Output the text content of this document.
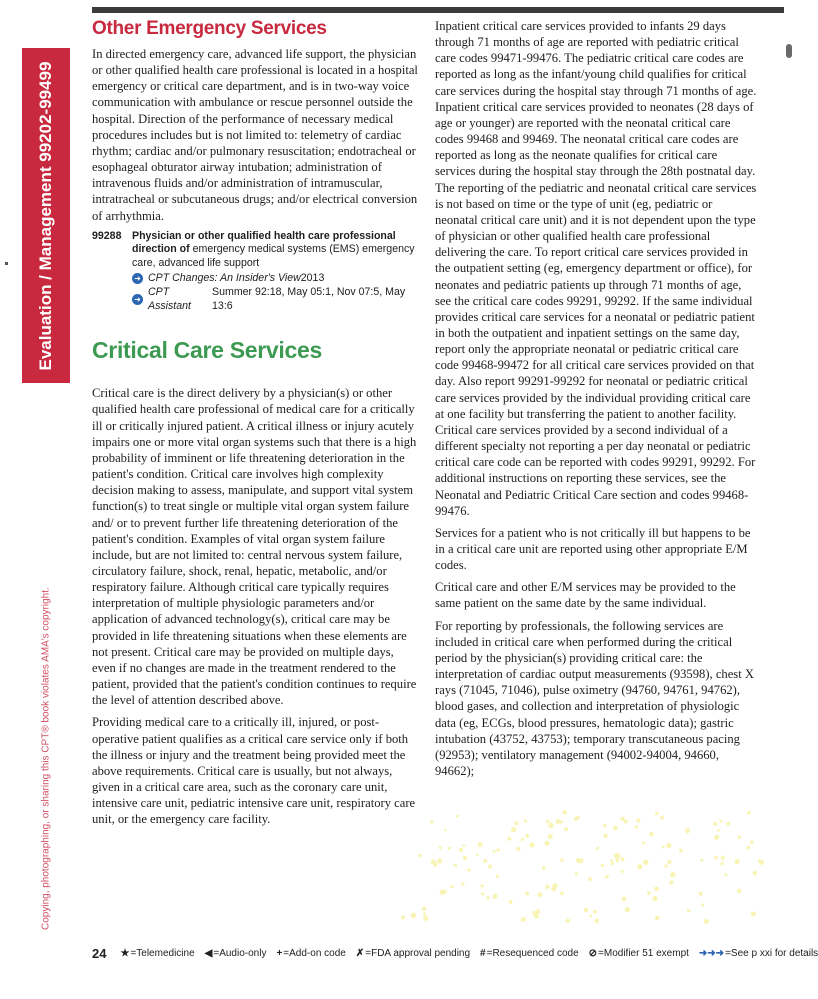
Evaluation / Management 99202-99499
Copying, photographing, or sharing this CPT® book violates AMA's copyright.
Other Emergency Services

In directed emergency care, advanced life support, the physician or other qualified health care professional is located in a hospital emergency or critical care department, and is in two-way voice communication with ambulance or rescue personnel outside the hospital. Direction of the performance of necessary medical procedures includes but is not limited to: telemetry of cardiac rhythm; cardiac and/or pulmonary resuscitation; endotracheal or esophageal obturator airway intubation; administration of intravenous fluids and/or administration of intramuscular, intratracheal or subcutaneous drugs; and/or electrical conversion of arrhythmia.

99288 Physician or other qualified health care professional direction of emergency medical systems (EMS) emergency care, advanced life support
➜ CPT Changes: An Insider's View 2013
➜
CPT Assistant
Summer 92:18, May 05:1, Nov 07:5, May 13:6
Critical Care Services

Critical care is the direct delivery by a physician(s) or other qualified health care professional of medical care for a critically ill or critically injured patient. A critical illness or injury acutely impairs one or more vital organ systems such that there is a high probability of imminent or life threatening deterioration in the patient's condition. Critical care involves high complexity decision making to assess, manipulate, and support vital system function(s) to treat single or multiple vital organ system failure and/ or to prevent further life threatening deterioration of the patient's condition. Examples of vital organ system failure include, but are not limited to: central nervous system failure, circulatory failure, shock, renal, hepatic, metabolic, and/or respiratory failure. Although critical care typically requires interpretation of multiple physiologic parameters and/or application of advanced technology(s), critical care may be provided in life threatening situations when these elements are not present. Critical care may be provided on multiple days, even if no changes are made in the treatment rendered to the patient, provided that the patient's condition continues to require the level of attention described above.

Providing medical care to a critically ill, injured, or post-operative patient qualifies as a critical care service only if both the illness or injury and the treatment being provided meet the above requirements. Critical care is usually, but not always, given in a critical care area, such as the coronary care unit, intensive care unit, pediatric intensive care unit, respiratory care unit, or the emergency care facility.

Inpatient critical care services provided to infants 29 days through 71 months of age are reported with pediatric critical care codes 99471-99476. The pediatric critical care codes are reported as long as the infant/young child qualifies for critical care services during the hospital stay through 71 months of age. Inpatient critical care services provided to neonates (28 days of age or younger) are reported with the neonatal critical care codes 99468 and 99469. The neonatal critical care codes are reported as long as the neonate qualifies for critical care services during the hospital stay through the 28th postnatal day. The reporting of the pediatric and neonatal critical care services is not based on time or the type of unit (eg, pediatric or neonatal critical care unit) and it is not dependent upon the type of physician or other qualified health care professional delivering the care. To report critical care services provided in the outpatient setting (eg, emergency department or office), for neonates and pediatric patients up through 71 months of age, see the critical care codes 99291, 99292. If the same individual provides critical care services for a neonatal or pediatric patient in both the outpatient and inpatient settings on the same day, report only the appropriate neonatal or pediatric critical care code 99468-99472 for all critical care services provided on that day. Also report 99291-99292 for neonatal or pediatric critical care services provided by the individual providing critical care at one facility but transferring the patient to another facility. Critical care services provided by a second individual of a different specialty not reporting a per day neonatal or pediatric critical care code can be reported with codes 99291, 99292. For additional instructions on reporting these services, see the Neonatal and Pediatric Critical Care section and codes 99468-99476.

Services for a patient who is not critically ill but happens to be in a critical care unit are reported using other appropriate E/M codes.

Critical care and other E/M services may be provided to the same patient on the same date by the same individual.

For reporting by professionals, the following services are included in critical care when performed during the critical period by the physician(s) providing critical care: the interpretation of cardiac output measurements (93598), chest X rays (71045, 71046), pulse oximetry (94760, 94761, 94762), blood gases, and collection and interpretation of physiologic data (eg, ECGs, blood pressures, hematologic data); gastric intubation (43752, 43753); temporary transcutaneous pacing (92953); ventilatory management (94002-94004, 94660, 94662);

24 ★ =Telemedicine ◀ =Audio-only + =Add-on code ✗ =FDA approval pending # =Resequenced code ⊘ =Modifier 51 exempt ➜➜➜ =See p xxi for details
